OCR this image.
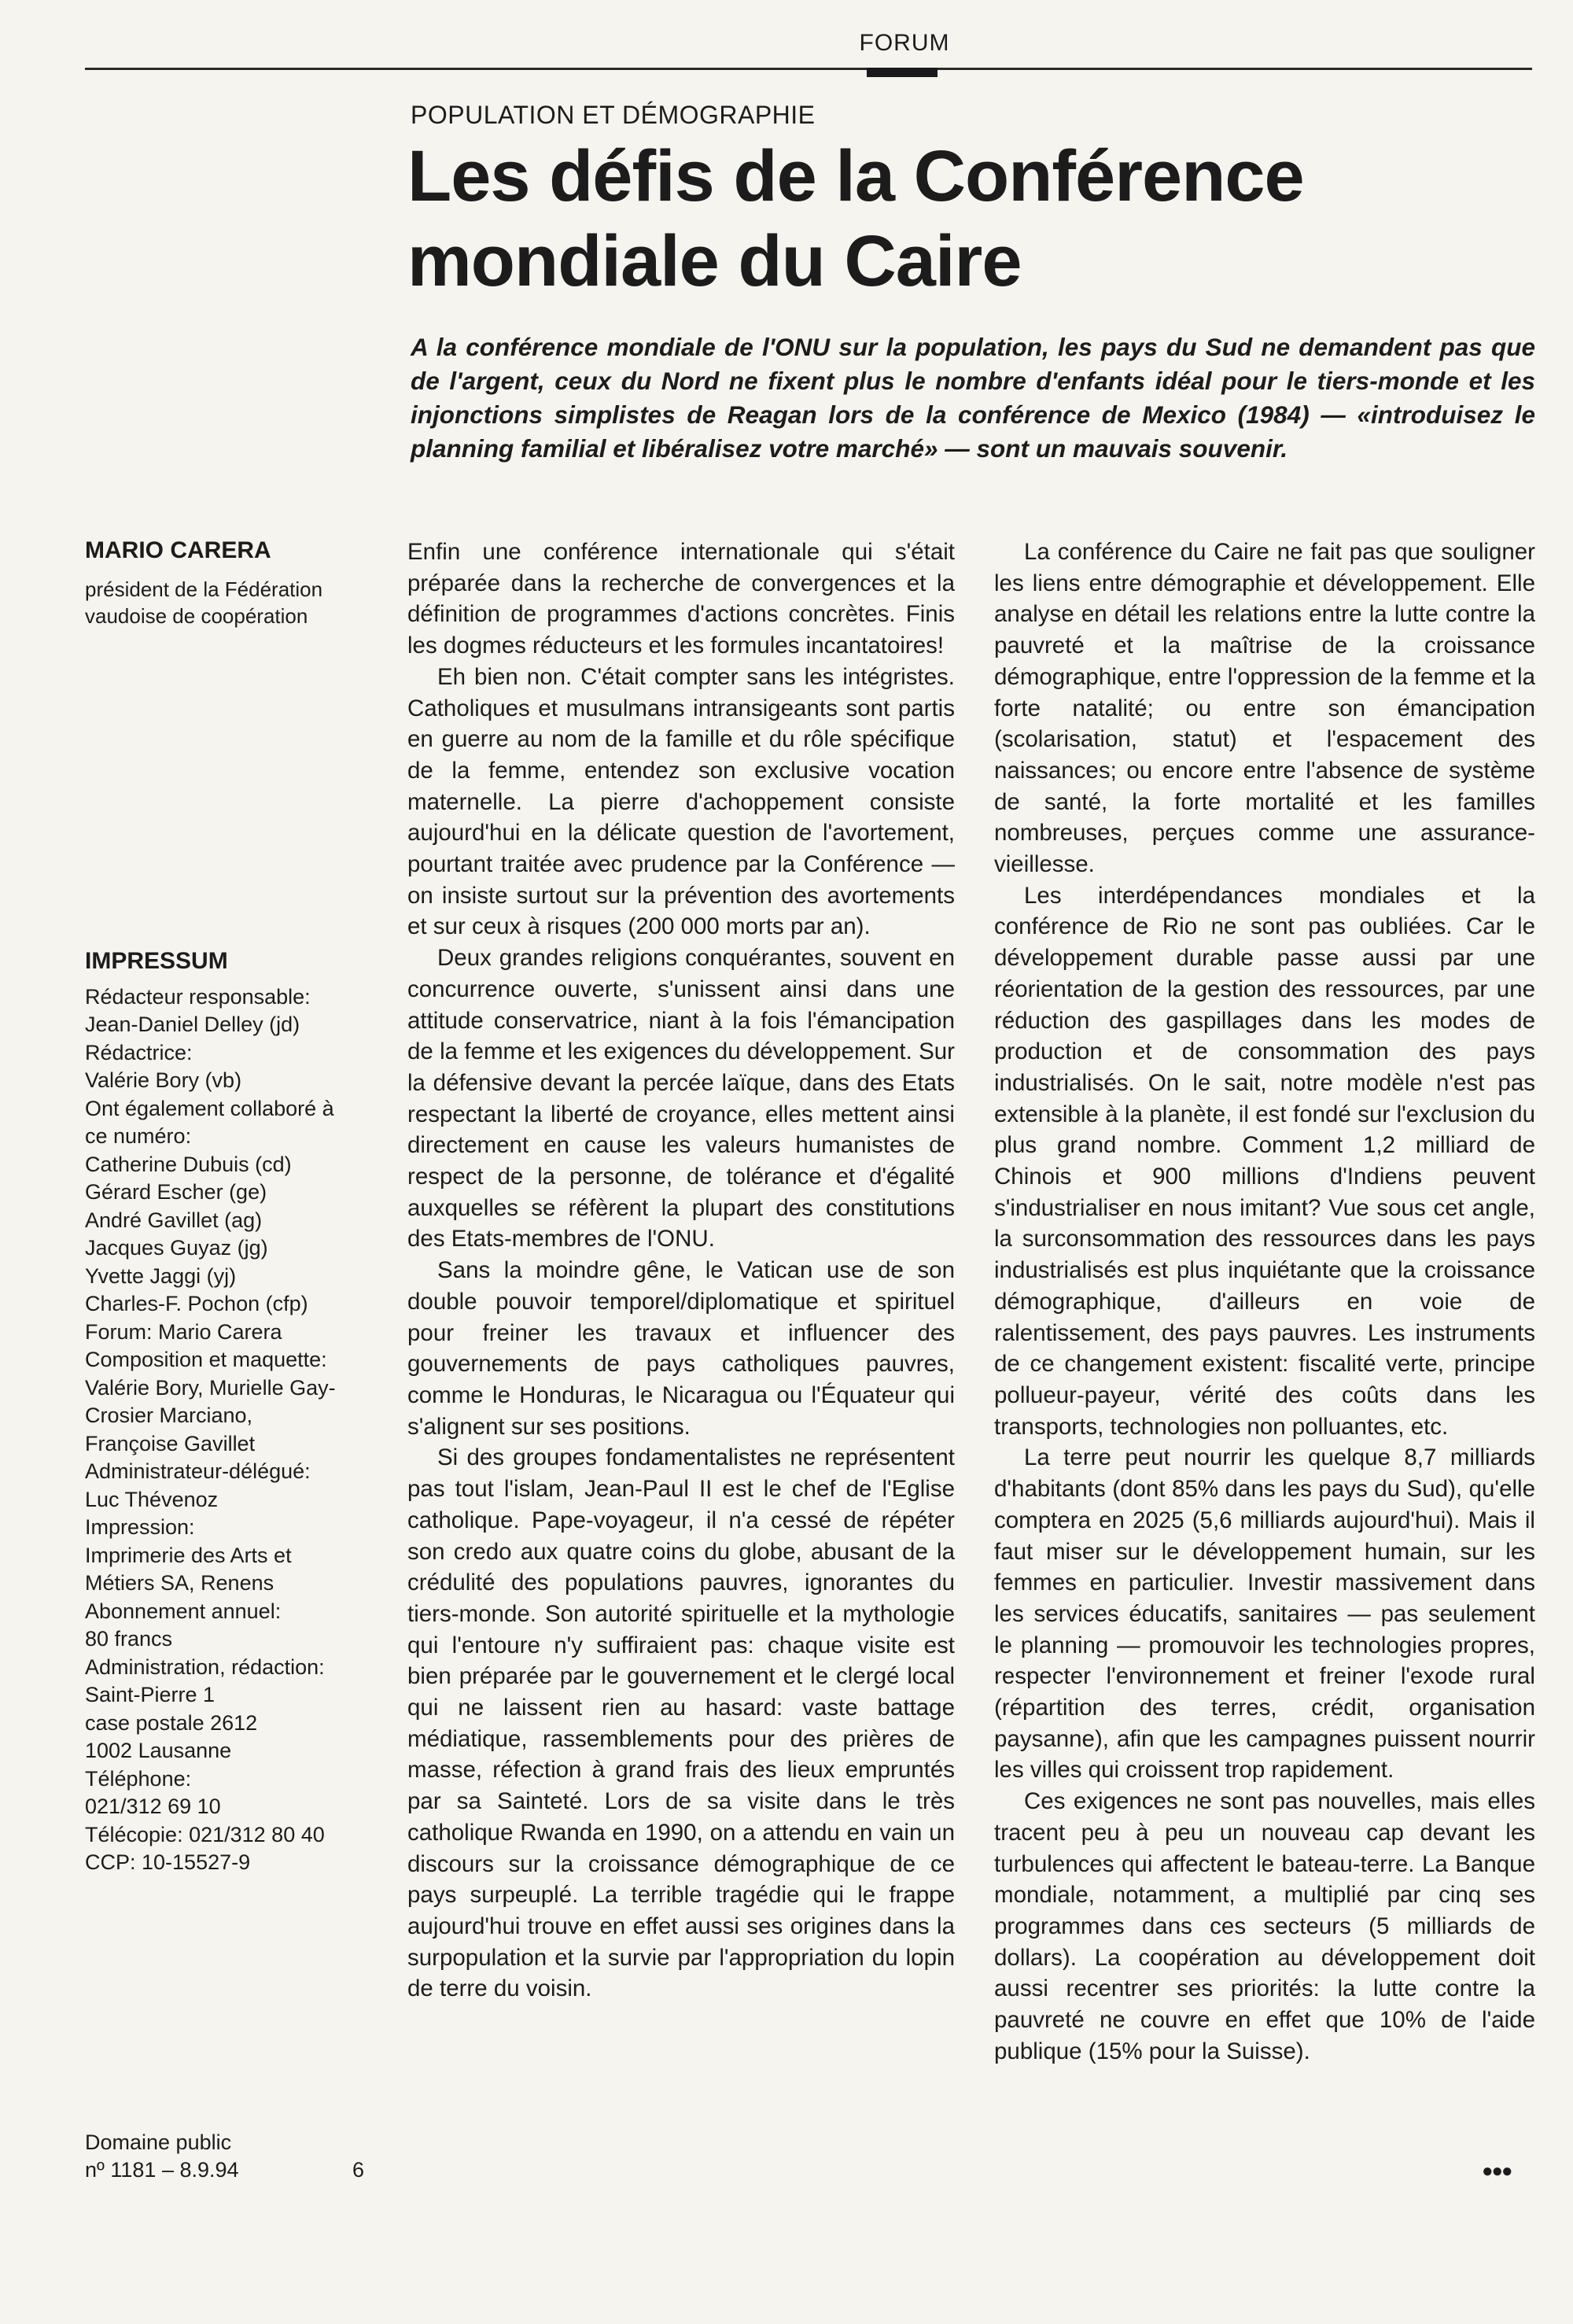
FORUM
POPULATION ET DÉMOGRAPHIE
Les défis de la Conférence
mondiale du Caire

A la conférence mondiale de l'ONU sur la population, les pays du Sud ne demandent pas que de l'argent, ceux du Nord ne fixent plus le nombre d'enfants idéal pour le tiers-monde et les injonctions simplistes de Reagan lors de la conférence de Mexico (1984) — «introduisez le planning familial et libéralisez votre marché» — sont un mauvais souvenir.

MARIO CARERA
président de la Fédération
vaudoise de coopération
IMPRESSUM
Rédacteur responsable:
Jean-Daniel Delley (jd)
Rédactrice:
Valérie Bory (vb)
Ont également collaboré à
ce numéro:
Catherine Dubuis (cd)
Gérard Escher (ge)
André Gavillet (ag)
Jacques Guyaz (jg)
Yvette Jaggi (yj)
Charles-F. Pochon (cfp)
Forum: Mario Carera
Composition et maquette:
Valérie Bory, Murielle Gay-
Crosier Marciano,
Françoise Gavillet
Administrateur-délégué:
Luc Thévenoz
Impression:
Imprimerie des Arts et
Métiers SA, Renens
Abonnement annuel:
80 francs
Administration, rédaction:
Saint-Pierre 1
case postale 2612
1002 Lausanne
Téléphone:
021/312 69 10
Télécopie: 021/312 80 40
CCP: 10-15527-9
Domaine public
nº 1181 – 8.9.94	6

Enfin une conférence internationale qui s'était préparée dans la recherche de convergences et la définition de programmes d'actions concrètes. Finis les dogmes réducteurs et les formules incantatoires!

Eh bien non. C'était compter sans les intégristes. Catholiques et musulmans intransigeants sont partis en guerre au nom de la famille et du rôle spécifique de la femme, entendez son exclusive vocation maternelle. La pierre d'achoppement consiste aujourd'hui en la délicate question de l'avortement, pourtant traitée avec prudence par la Conférence — on insiste surtout sur la prévention des avortements et sur ceux à risques (200 000 morts par an).

Deux grandes religions conquérantes, souvent en concurrence ouverte, s'unissent ainsi dans une attitude conservatrice, niant à la fois l'émancipation de la femme et les exigences du développement. Sur la défensive devant la percée laïque, dans des Etats respectant la liberté de croyance, elles mettent ainsi directement en cause les valeurs humanistes de respect de la personne, de tolérance et d'égalité auxquelles se réfèrent la plupart des constitutions des Etats-membres de l'ONU.

Sans la moindre gêne, le Vatican use de son double pouvoir temporel/diplomatique et spirituel pour freiner les travaux et influencer des gouvernements de pays catholiques pauvres, comme le Honduras, le Nicaragua ou l'Équateur qui s'alignent sur ses positions.

Si des groupes fondamentalistes ne représentent pas tout l'islam, Jean-Paul II est le chef de l'Eglise catholique. Pape-voyageur, il n'a cessé de répéter son credo aux quatre coins du globe, abusant de la crédulité des populations pauvres, ignorantes du tiers-monde. Son autorité spirituelle et la mythologie qui l'entoure n'y suffiraient pas: chaque visite est bien préparée par le gouvernement et le clergé local qui ne laissent rien au hasard: vaste battage médiatique, rassemblements pour des prières de masse, réfection à grand frais des lieux empruntés par sa Sainteté. Lors de sa visite dans le très catholique Rwanda en 1990, on a attendu en vain un discours sur la croissance démographique de ce pays surpeuplé. La terrible tragédie qui le frappe aujourd'hui trouve en effet aussi ses origines dans la surpopulation et la survie par l'appropriation du lopin de terre du voisin.

La conférence du Caire ne fait pas que souligner les liens entre démographie et développement. Elle analyse en détail les relations entre la lutte contre la pauvreté et la maîtrise de la croissance démographique, entre l'oppression de la femme et la forte natalité; ou entre son émancipation (scolarisation, statut) et l'espacement des naissances; ou encore entre l'absence de système de santé, la forte mortalité et les familles nombreuses, perçues comme une assurance-vieillesse.

Les interdépendances mondiales et la conférence de Rio ne sont pas oubliées. Car le développement durable passe aussi par une réorientation de la gestion des ressources, par une réduction des gaspillages dans les modes de production et de consommation des pays industrialisés. On le sait, notre modèle n'est pas extensible à la planète, il est fondé sur l'exclusion du plus grand nombre. Comment 1,2 milliard de Chinois et 900 millions d'Indiens peuvent s'industrialiser en nous imitant? Vue sous cet angle, la surconsommation des ressources dans les pays industrialisés est plus inquiétante que la croissance démographique, d'ailleurs en voie de ralentissement, des pays pauvres. Les instruments de ce changement existent: fiscalité verte, principe pollueur-payeur, vérité des coûts dans les transports, technologies non polluantes, etc.

La terre peut nourrir les quelque 8,7 milliards d'habitants (dont 85% dans les pays du Sud), qu'elle comptera en 2025 (5,6 milliards aujourd'hui). Mais il faut miser sur le développement humain, sur les femmes en particulier. Investir massivement dans les services éducatifs, sanitaires — pas seulement le planning — promouvoir les technologies propres, respecter l'environnement et freiner l'exode rural (répartition des terres, crédit, organisation paysanne), afin que les campagnes puissent nourrir les villes qui croissent trop rapidement.

Ces exigences ne sont pas nouvelles, mais elles tracent peu à peu un nouveau cap devant les turbulences qui affectent le bateau-terre. La Banque mondiale, notamment, a multiplié par cinq ses programmes dans ces secteurs (5 milliards de dollars). La coopération au développement doit aussi recentrer ses priorités: la lutte contre la pauvreté ne couvre en effet que 10% de l'aide publique (15% pour la Suisse).

●●●
